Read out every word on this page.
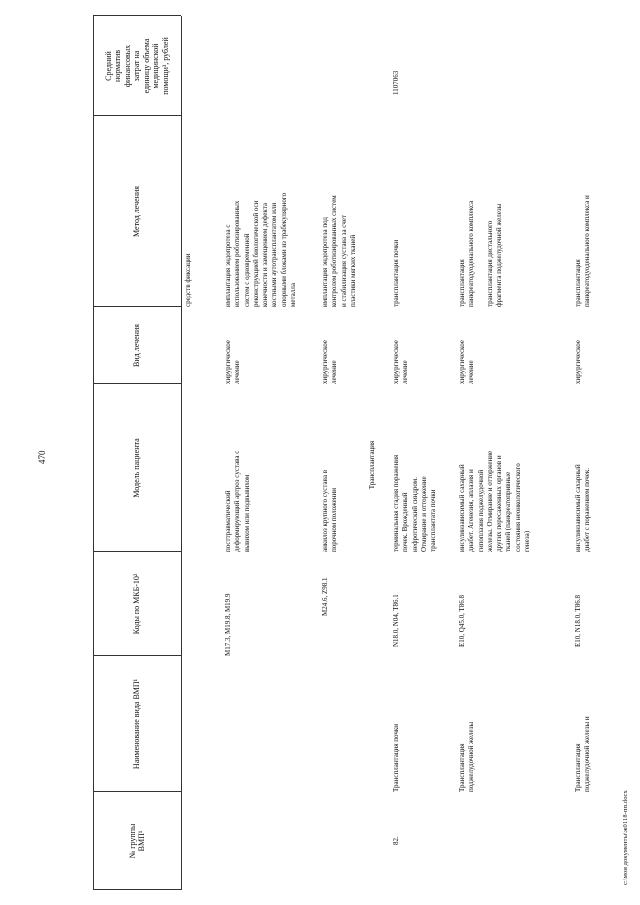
470
№ группы ВМП¹
Наименование вида ВМП¹
Коды по МКБ-10²
Модель пациента
Вид лечения
Метод лечения
Средний норматив финансовых затрат на единицу объема медицинской помощи³, рублей
средств фиксации
M17.3, M19.8, M19.9
посттравматический деформирующий артроз сустава с вывихом или подвывихом
хирургическое лечение
имплантация эндопротеза с использованием роботизированных систем с одновременной реконструкцией биологической оси конечности и замещением дефекта костными аутотрансплантатом или опорными блоками из трабекулярного металла
M24.6, Z98.1
анкилоз крупного сустава в порочном положении
хирургическое лечение
имплантация эндопротеза под контролем роботизированных систем и стабилизация сустава за счет пластики мягких тканей
Трансплантация
82.
Трансплантация почки
N18.0, N04, T86.1
терминальная стадия поражения почек. Врожденный нефротический синдром. Отмирание и отторжение трансплантата почки
хирургическое лечение
трансплантация почки
1107063
Трансплантация поджелудочной железы
E10, Q45.0, T86.8
инсулинзависимый сахарный диабет. Агенезия, аплазия и гипоплазия поджелудочной железы. Отмирание и отторжение других пересаженных органов и тканей (панкреатопривные состояния неонкологического генеза)
хирургическое лечение
трансплантация панкреатодуоденального комплекса трансплантация дистального фрагмента поджелудочной железы
Трансплантация поджелудочной железы и
E10, N18.0, T86.8
инсулинзависимый сахарный диабет с поражением почек.
хирургическое
трансплантация панкреатодуоденального комплекса и
c:\мои документы\ж0118-пп.docx
